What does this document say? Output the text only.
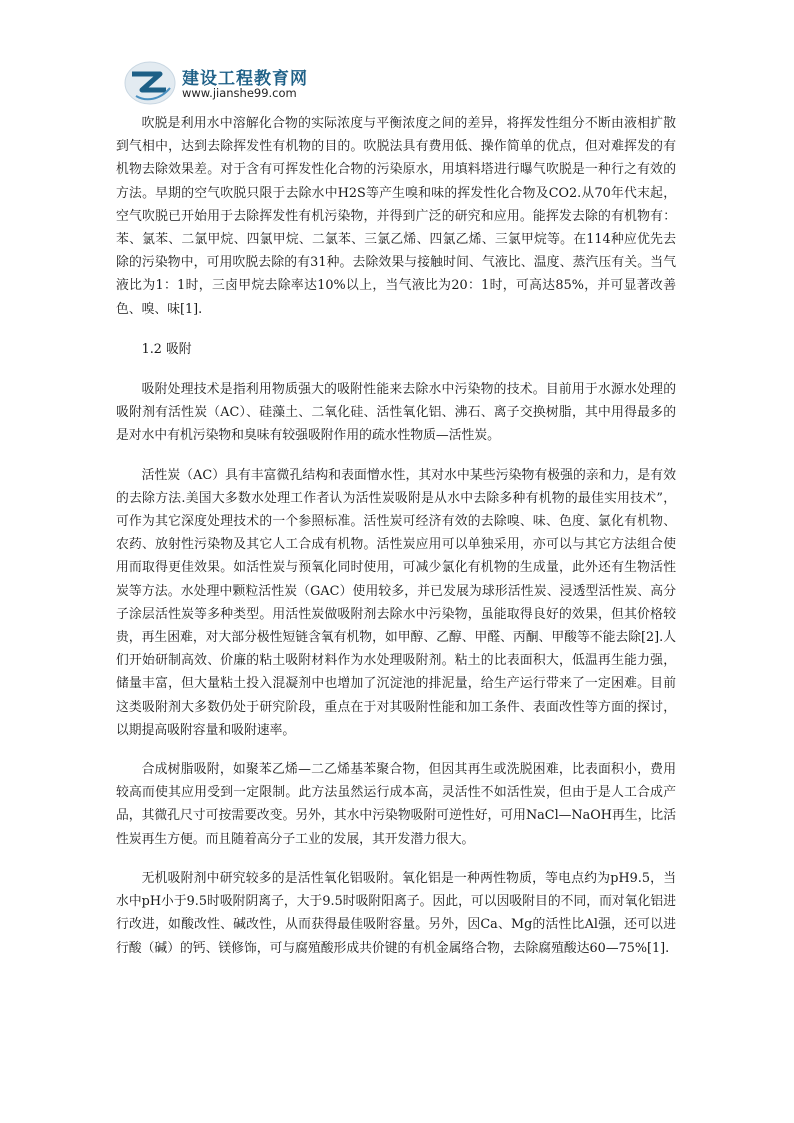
建设工程教育网
www.jianshe99.com

吹脱是利用水中溶解化合物的实际浓度与平衡浓度之间的差异，将挥发性组分不断由液相扩散到气相中，达到去除挥发性有机物的目的。吹脱法具有费用低、操作简单的优点，但对难挥发的有机物去除效果差。对于含有可挥发性化合物的污染原水，用填料塔进行曝气吹脱是一种行之有效的方法。早期的空气吹脱只限于去除水中H2S等产生嗅和味的挥发性化合物及CO2.从70年代末起，空气吹脱已开始用于去除挥发性有机污染物，并得到广泛的研究和应用。能挥发去除的有机物有：苯、氯苯、二氯甲烷、四氯甲烷、二氯苯、三氯乙烯、四氯乙烯、三氯甲烷等。在114种应优先去除的污染物中，可用吹脱去除的有31种。去除效果与接触时间、气液比、温度、蒸汽压有关。当气液比为1：1时，三卤甲烷去除率达10%以上，当气液比为20：1时，可高达85%，并可显著改善色、嗅、味[1].

1.2 吸附

吸附处理技术是指利用物质强大的吸附性能来去除水中污染物的技术。目前用于水源水处理的吸附剂有活性炭（AC）、硅藻土、二氧化硅、活性氧化铝、沸石、离子交换树脂，其中用得最多的是对水中有机污染物和臭味有较强吸附作用的疏水性物质—活性炭。

活性炭（AC）具有丰富微孔结构和表面憎水性，其对水中某些污染物有极强的亲和力，是有效的去除方法.美国大多数水处理工作者认为活性炭吸附是从水中去除多种有机物的最佳实用技术”，可作为其它深度处理技术的一个参照标准。活性炭可经济有效的去除嗅、味、色度、氯化有机物、农药、放射性污染物及其它人工合成有机物。活性炭应用可以单独采用，亦可以与其它方法组合使用而取得更佳效果。如活性炭与预氧化同时使用，可减少氯化有机物的生成量，此外还有生物活性炭等方法。水处理中颗粒活性炭（GAC）使用较多，并已发展为球形活性炭、浸透型活性炭、高分子涂层活性炭等多种类型。用活性炭做吸附剂去除水中污染物，虽能取得良好的效果，但其价格较贵，再生困难，对大部分极性短链含氧有机物，如甲醇、乙醇、甲醛、丙酮、甲酸等不能去除[2].人们开始研制高效、价廉的粘土吸附材料作为水处理吸附剂。粘土的比表面积大，低温再生能力强，储量丰富，但大量粘土投入混凝剂中也增加了沉淀池的排泥量，给生产运行带来了一定困难。目前这类吸附剂大多数仍处于研究阶段，重点在于对其吸附性能和加工条件、表面改性等方面的探讨，以期提高吸附容量和吸附速率。

合成树脂吸附，如聚苯乙烯—二乙烯基苯聚合物，但因其再生或洗脱困难，比表面积小，费用较高而使其应用受到一定限制。此方法虽然运行成本高，灵活性不如活性炭，但由于是人工合成产品，其微孔尺寸可按需要改变。另外，其水中污染物吸附可逆性好，可用NaCl—NaOH再生，比活性炭再生方便。而且随着高分子工业的发展，其开发潜力很大。

无机吸附剂中研究较多的是活性氧化铝吸附。氧化铝是一种两性物质，等电点约为pH9.5，当水中pH小于9.5时吸附阴离子，大于9.5时吸附阳离子。因此，可以因吸附目的不同，而对氧化铝进行改进，如酸改性、碱改性，从而获得最佳吸附容量。另外，因Ca、Mg的活性比Al强，还可以进行酸（碱）的钙、镁修饰，可与腐殖酸形成共价键的有机金属络合物，去除腐殖酸达60—75%[1].
